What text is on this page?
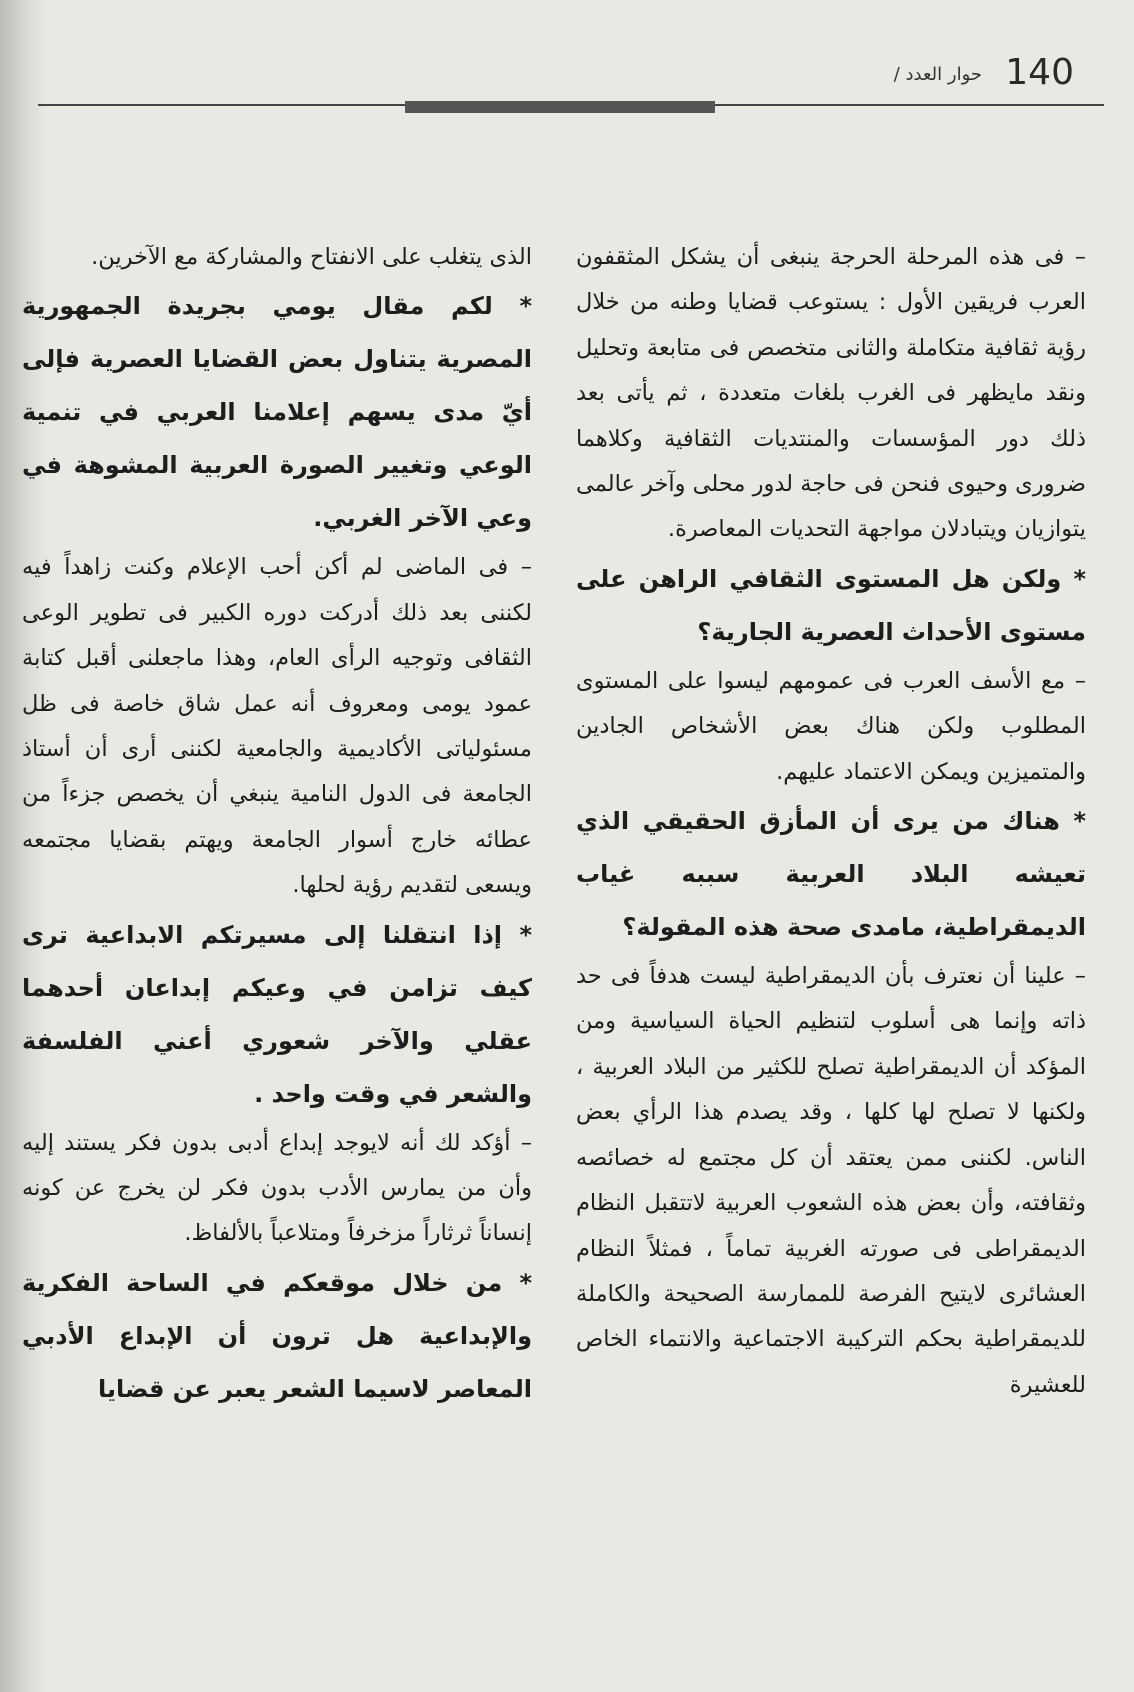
140
/ حوار العدد

– فى هذه المرحلة الحرجة ينبغى أن يشكل المثقفون العرب فريقين الأول : يستوعب قضايا وطنه من خلال رؤية ثقافية متكاملة والثانى متخصص فى متابعة وتحليل ونقد مايظهر فى الغرب بلغات متعددة ، ثم يأتى بعد ذلك دور المؤسسات والمنتديات الثقافية وكلاهما ضرورى وحيوى فنحن فى حاجة لدور محلى وآخر عالمى يتوازيان ويتبادلان مواجهة التحديات المعاصرة.

* ولكن هل المستوى الثقافي الراهن على مستوى الأحداث العصرية الجارية؟

– مع الأسف العرب فى عمومهم ليسوا على المستوى المطلوب ولكن هناك بعض الأشخاص الجادين والمتميزين ويمكن الاعتماد عليهم.

* هناك من يرى أن المأزق الحقيقي الذي تعيشه البلاد العربية سببه غياب الديمقراطية، مامدى صحة هذه المقولة؟

– علينا أن نعترف بأن الديمقراطية ليست هدفاً فى حد ذاته وإنما هى أسلوب لتنظيم الحياة السياسية ومن المؤكد أن الديمقراطية تصلح للكثير من البلاد العربية ، ولكنها لا تصلح لها كلها ، وقد يصدم هذا الرأي بعض الناس. لكننى ممن يعتقد أن كل مجتمع له خصائصه وثقافته، وأن بعض هذه الشعوب العربية لاتتقبل النظام الديمقراطى فى صورته الغربية تماماً ، فمثلاً النظام العشائرى لايتيح الفرصة للممارسة الصحيحة والكاملة للديمقراطية بحكم التركيبة الاجتماعية والانتماء الخاص للعشيرة

الذى يتغلب على الانفتاح والمشاركة مع الآخرين.

* لكم مقال يومي بجريدة الجمهورية المصرية يتناول بعض القضايا العصرية فإلى أيّ مدى يسهم إعلامنا العربي في تنمية الوعي وتغيير الصورة العربية المشوهة في وعي الآخر الغربي.

– فى الماضى لم أكن أحب الإعلام وكنت زاهداً فيه لكننى بعد ذلك أدركت دوره الكبير فى تطوير الوعى الثقافى وتوجيه الرأى العام، وهذا ماجعلنى أقبل كتابة عمود يومى ومعروف أنه عمل شاق خاصة فى ظل مسئولياتى الأكاديمية والجامعية لكننى أرى أن أستاذ الجامعة فى الدول النامية ينبغي أن يخصص جزءاً من عطائه خارج أسوار الجامعة ويهتم بقضايا مجتمعه ويسعى لتقديم رؤية لحلها.

* إذا انتقلنا إلى مسيرتكم الابداعية ترى كيف تزامن في وعيكم إبداعان أحدهما عقلي والآخر شعوري أعني الفلسفة والشعر في وقت واحد .

– أؤكد لك أنه لايوجد إبداع أدبى بدون فكر يستند إليه وأن من يمارس الأدب بدون فكر لن يخرج عن كونه إنساناً ثرثاراً مزخرفاً ومتلاعباً بالألفاظ.

* من خلال موقعكم في الساحة الفكرية والإبداعية هل ترون أن الإبداع الأدبي المعاصر لاسيما الشعر يعبر عن قضايا
